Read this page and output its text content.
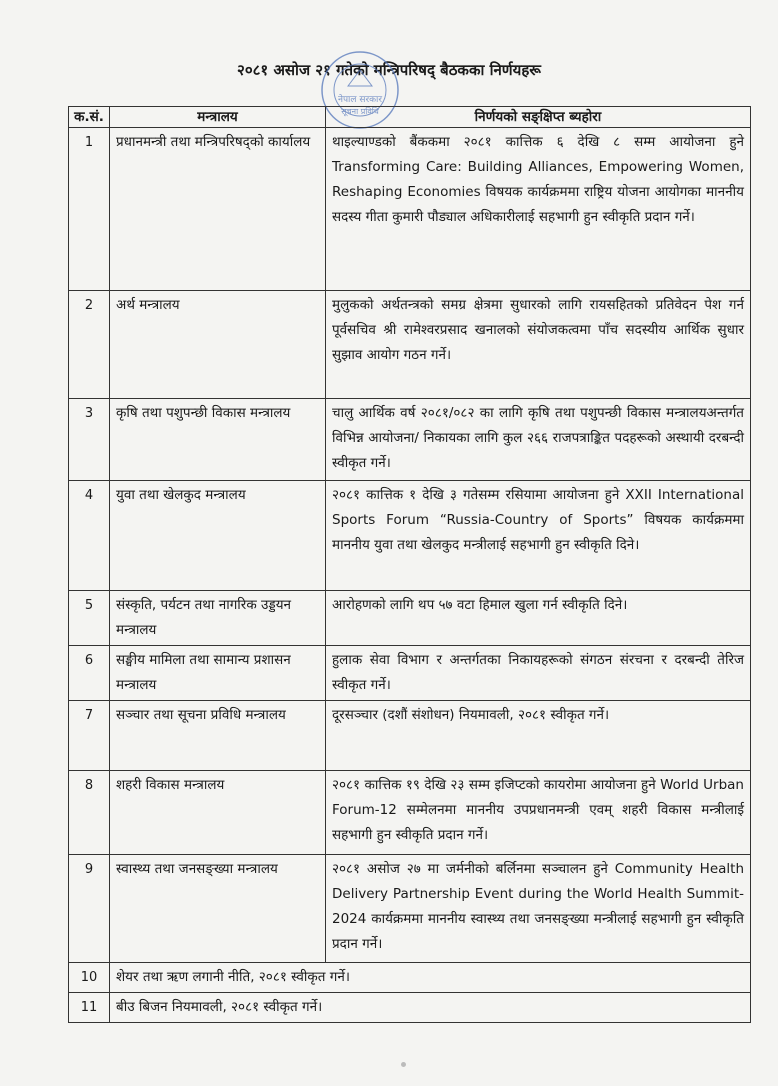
२०८१ असोज २१ गतेको मन्त्रिपरिषद् बैठकका निर्णयहरू
नेपाल सरकार
सूचना प्रविधि
क.सं.	मन्त्रालय	निर्णयको सङ्क्षिप्त ब्यहोरा
1	प्रधानमन्त्री तथा मन्त्रिपरिषद्‌को कार्यालय	थाइल्याण्डको बैंककमा २०८१ कात्तिक ६ देखि ८ सम्म आयोजना हुने Transforming Care: Building Alliances, Empowering Women, Reshaping Economies विषयक कार्यक्रममा राष्ट्रिय योजना आयोगका माननीय सदस्य गीता कुमारी पौड्याल अधिकारीलाई सहभागी हुन स्वीकृति प्रदान गर्ने।
2	अर्थ मन्त्रालय	मुलुकको अर्थतन्त्रको समग्र क्षेत्रमा सुधारको लागि रायसहितको प्रतिवेदन पेश गर्न पूर्वसचिव श्री रामेश्वरप्रसाद खनालको संयोजकत्वमा पाँच सदस्यीय आर्थिक सुधार सुझाव आयोग गठन गर्ने।
3	कृषि तथा पशुपन्छी विकास मन्त्रालय	चालु आर्थिक वर्ष २०८१/०८२ का लागि कृषि तथा पशुपन्छी विकास मन्त्रालयअन्तर्गत विभिन्न आयोजना/ निकायका लागि कुल २६६ राजपत्राङ्कित पदहरूको अस्थायी दरबन्दी स्वीकृत गर्ने।
4	युवा तथा खेलकुद मन्त्रालय	२०८१ कात्तिक १ देखि ३ गतेसम्म रसियामा आयोजना हुने XXII International Sports Forum “Russia-Country of Sports” विषयक कार्यक्रममा माननीय युवा तथा खेलकुद मन्त्रीलाई सहभागी हुन स्वीकृति दिने।
5	संस्कृति, पर्यटन तथा नागरिक उड्डयन मन्त्रालय	आरोहणको लागि थप ५७ वटा हिमाल खुला गर्न स्वीकृति दिने।
6	सङ्घीय मामिला तथा सामान्य प्रशासन मन्त्रालय	हुलाक सेवा विभाग र अन्तर्गतका निकायहरूको संगठन संरचना र दरबन्दी तेरिज स्वीकृत गर्ने।
7	सञ्चार तथा सूचना प्रविधि मन्त्रालय	दूरसञ्चार (दशौं संशोधन) नियमावली, २०८१ स्वीकृत गर्ने।
8	शहरी विकास मन्त्रालय	२०८१ कात्तिक १९ देखि २३ सम्म इजिप्टको कायरोमा आयोजना हुने World Urban Forum-12 सम्मेलनमा माननीय उपप्रधानमन्त्री एवम् शहरी विकास मन्त्रीलाई सहभागी हुन स्वीकृति प्रदान गर्ने।
9	स्वास्थ्य तथा जनसङ्ख्या मन्त्रालय	२०८१ असोज २७ मा जर्मनीको बर्लिनमा सञ्चालन हुने Community Health Delivery Partnership Event during the World Health Summit-2024 कार्यक्रममा माननीय स्वास्थ्य तथा जनसङ्ख्या मन्त्रीलाई सहभागी हुन स्वीकृति प्रदान गर्ने।
10	शेयर तथा ऋण लगानी नीति, २०८१ स्वीकृत गर्ने।	
11	बीउ बिजन नियमावली, २०८१ स्वीकृत गर्ने।	
